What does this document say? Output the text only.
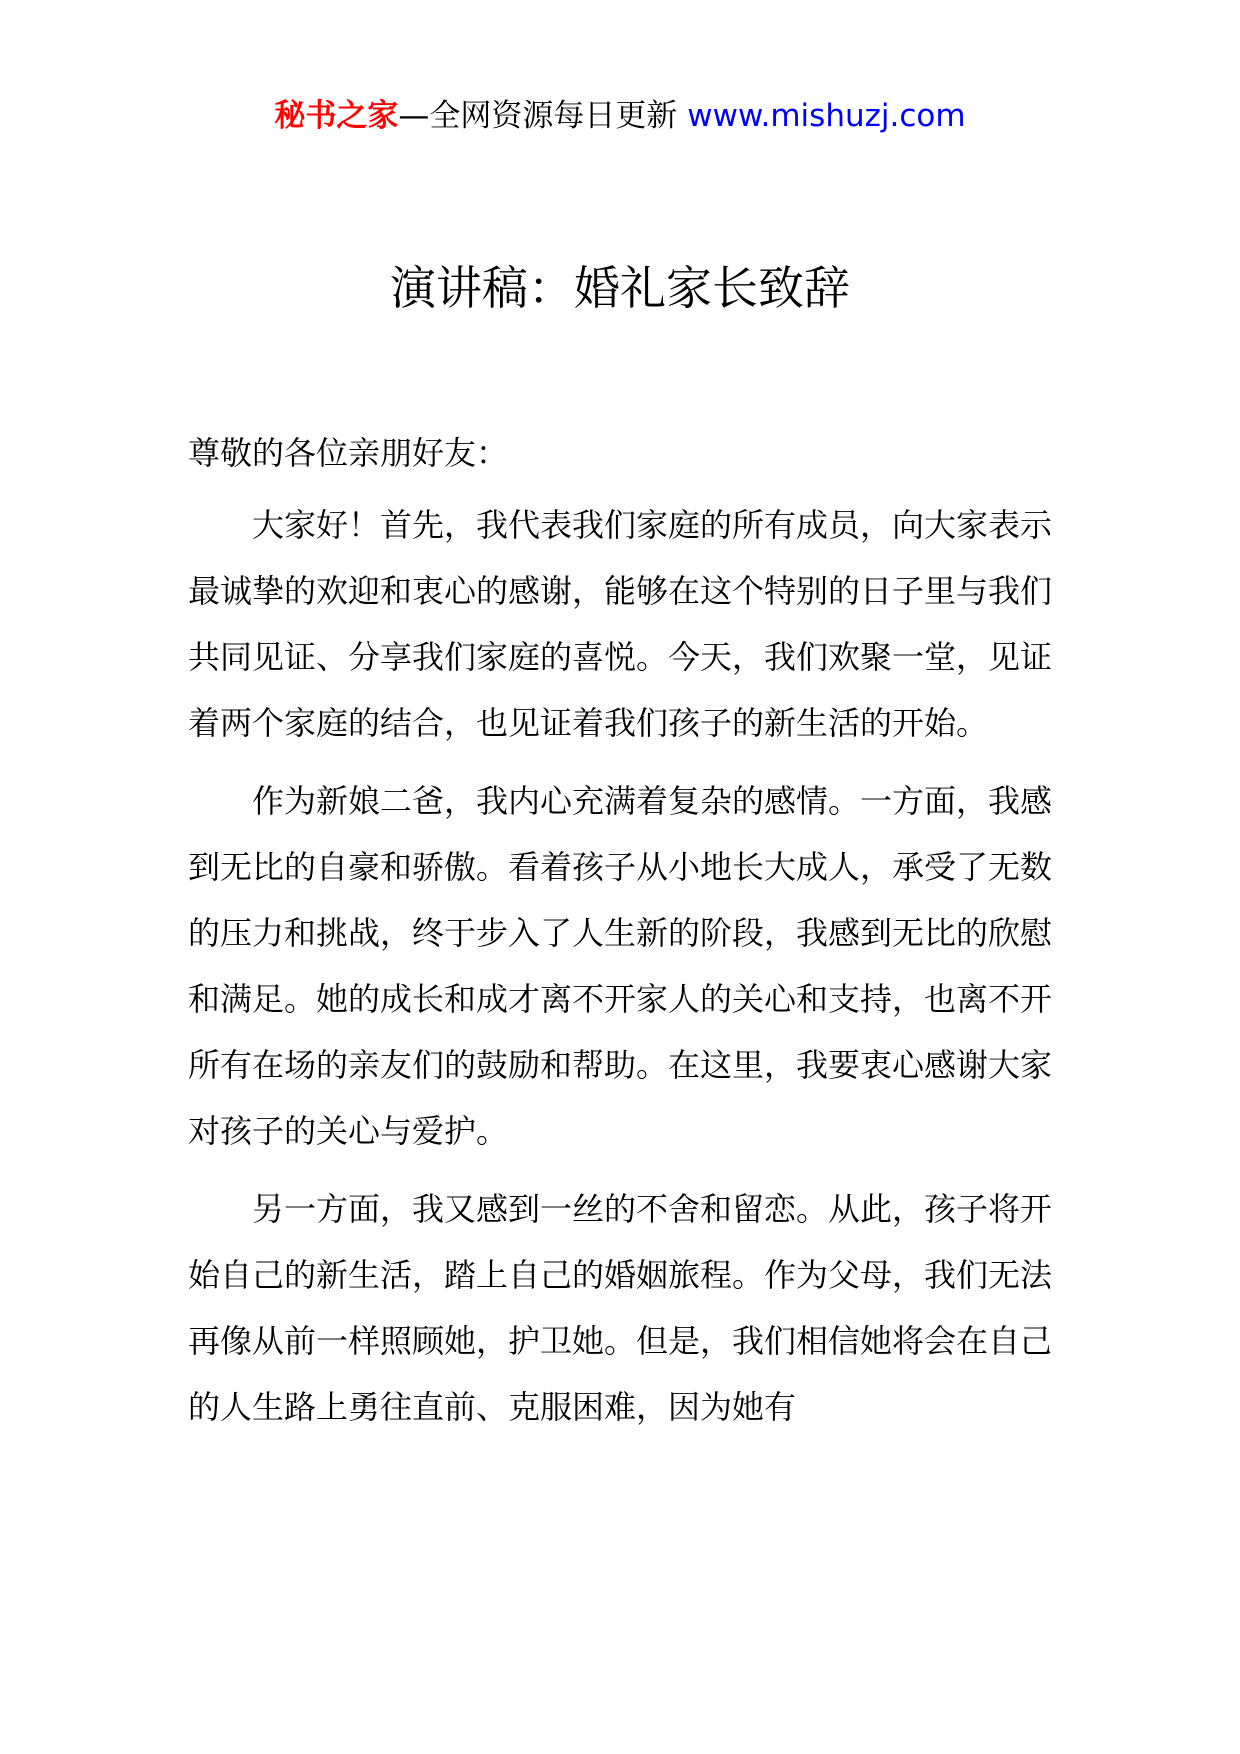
秘书之家—全网资源每日更新 www.mishuzj.com
演讲稿：婚礼家长致辞

尊敬的各位亲朋好友：

大家好！首先，我代表我们家庭的所有成员，向大家表示最诚挚的欢迎和衷心的感谢，能够在这个特别的日子里与我们共同见证、分享我们家庭的喜悦。今天，我们欢聚一堂，见证着两个家庭的结合，也见证着我们孩子的新生活的开始。

作为新娘二爸，我内心充满着复杂的感情。一方面，我感到无比的自豪和骄傲。看着孩子从小地长大成人，承受了无数的压力和挑战，终于步入了人生新的阶段，我感到无比的欣慰和满足。她的成长和成才离不开家人的关心和支持，也离不开所有在场的亲友们的鼓励和帮助。在这里，我要衷心感谢大家对孩子的关心与爱护。

另一方面，我又感到一丝的不舍和留恋。从此，孩子将开始自己的新生活，踏上自己的婚姻旅程。作为父母，我们无法再像从前一样照顾她，护卫她。但是，我们相信她将会在自己的人生路上勇往直前、克服困难，因为她有
